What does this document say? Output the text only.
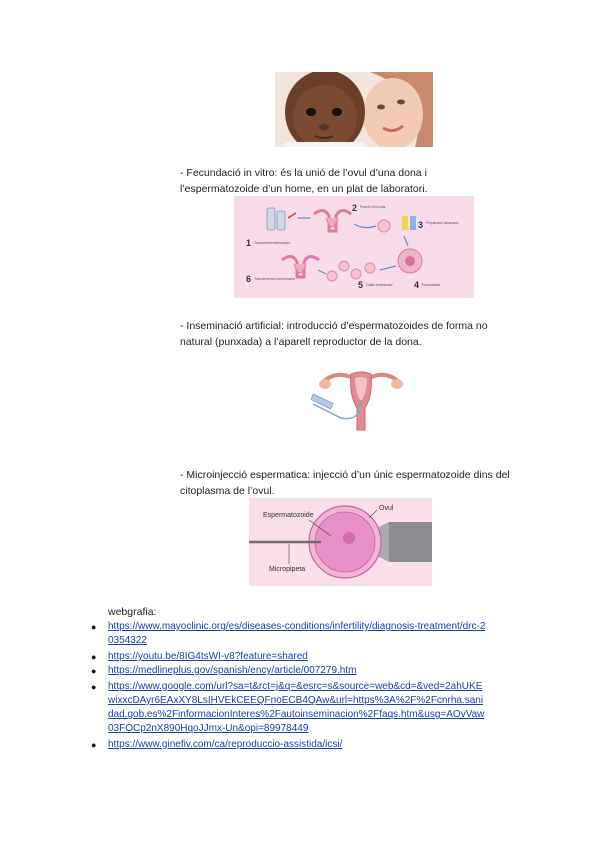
- Fecundació in vitro: és la unió de l’ovul d’una dona i l’espermatozoide d’un home, en un plat de laboratori.
1 Tractament estimulació
2 Punció fol·licular
3 Preparació laboratori
4 Fecundació
5 Cultiu embrionari
6 Transferència embrionària
- Inseminació artificial: introducció d’espermatozoides de forma no natural (punxada) a l’aparell reproductor de la dona.
- Microinjecció espermatica: injecció d’un únic espermatozoide dins del citoplasma de l’ovul.
Espermatozoide
Ovul
Micropipeta
webgrafia:
● https://www.mayoclinic.org/es/diseases-conditions/infertility/diagnosis-treatment/drc-2
0354322
● https://youtu.be/8IG4tsWI-v8?feature=shared
● https://medlineplus.gov/spanish/ency/article/007279.htm
● https://www.google.com/url?sa=t&rct=j&q=&esrc=s&source=web&cd=&ved=2ahUKE
wixxcDAyr6EAxXY8LsIHVEkCEEQFnoECB4QAw&url=https%3A%2F%2Fcnrha.sani
dad.gob.es%2FinformacionInteres%2Fautoinseminacion%2Ffaqs.htm&usg=AOvVaw
03FOCp2nX890HqoJJmx-Un&opi=89978449
● https://www.ginefiv.com/ca/reproduccio-assistida/icsi/
